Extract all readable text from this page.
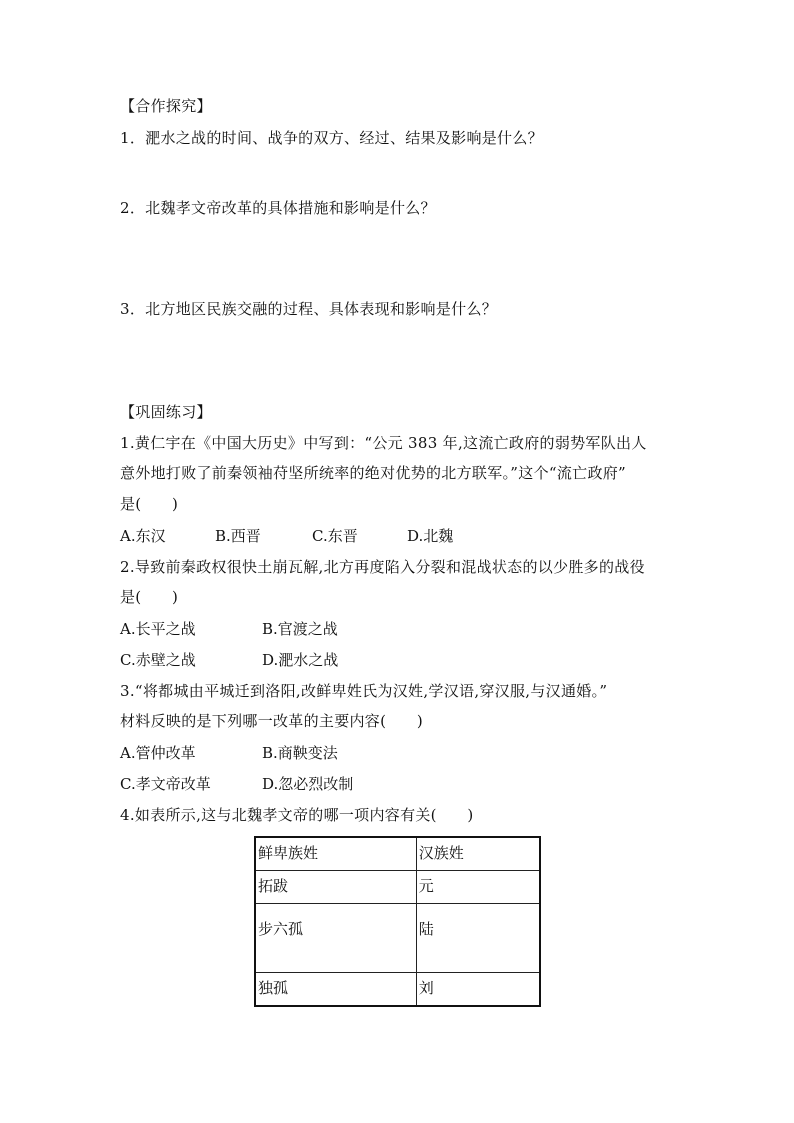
【合作探究】
1．淝水之战的时间、战争的双方、经过、结果及影响是什么？
2．北魏孝文帝改革的具体措施和影响是什么？
3．北方地区民族交融的过程、具体表现和影响是什么？
【巩固练习】
1.黄仁宇在《中国大历史》中写到：“公元 383 年,这流亡政府的弱势军队出人
意外地打败了前秦领袖苻坚所统率的绝对优势的北方联军。”这个“流亡政府”
是(　　)
A.东汉	B.西晋	C.东晋	D.北魏
2.导致前秦政权很快土崩瓦解,北方再度陷入分裂和混战状态的以少胜多的战役
是(　　)
A.长平之战	B.官渡之战
C.赤壁之战	D.淝水之战
3.“将都城由平城迁到洛阳,改鲜卑姓氏为汉姓,学汉语,穿汉服,与汉通婚。”
材料反映的是下列哪一改革的主要内容(　　)
A.管仲改革	B.商鞅变法
C.孝文帝改革	D.忽必烈改制
4.如表所示,这与北魏孝文帝的哪一项内容有关(　　)
鲜卑族姓	汉族姓
拓跋	元
步六孤	陆
独孤	刘
